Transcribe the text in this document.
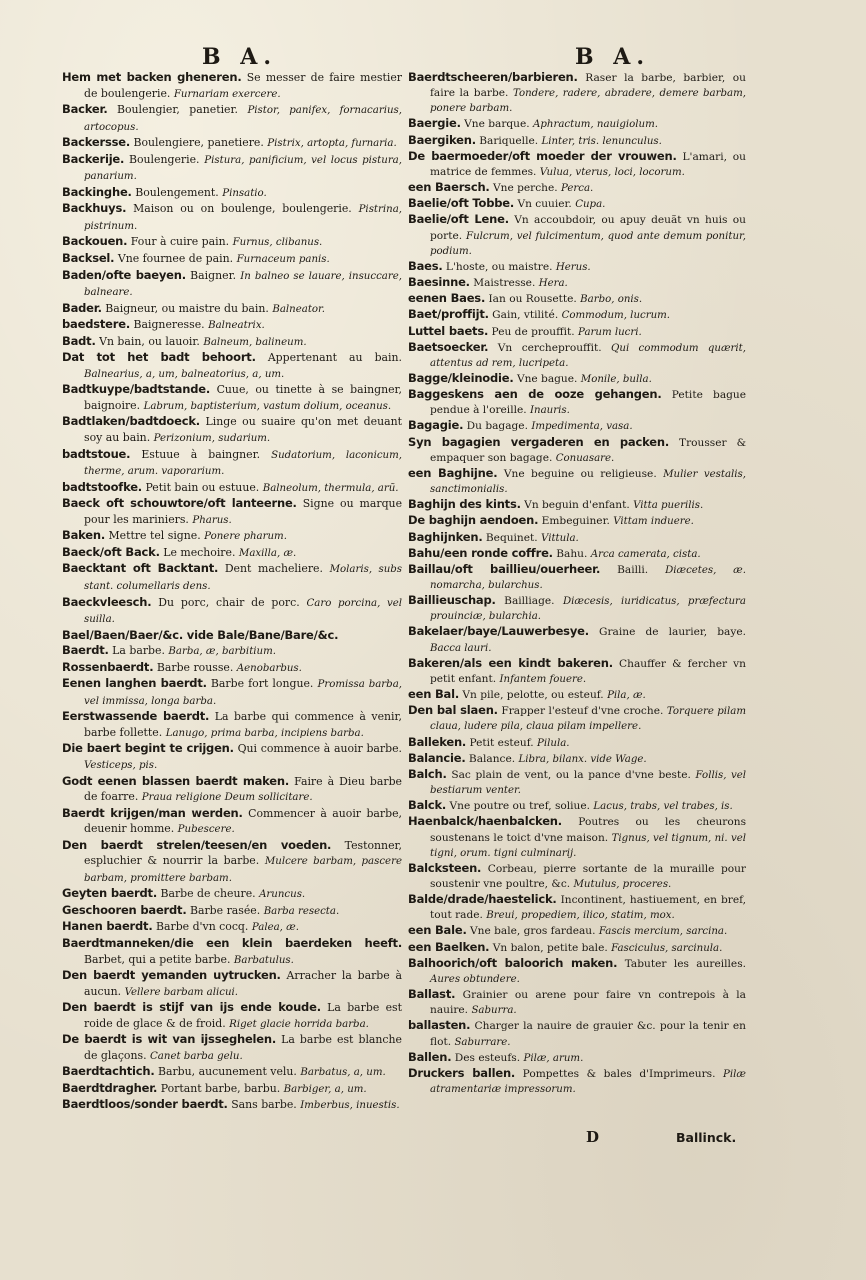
B A.	B A.

Hem met backen gheneren. Se messer de faire mestier de boulengerie. Furnariam exercere.

Backer. Boulengier, panetier. Pistor, panifex, fornacarius, artocopus.

Backersse. Boulengiere, panetiere. Pistrix, artopta, furnaria.

Backerije. Boulengerie. Pistura, panificium, vel locus pistura, panarium.

Backinghe. Boulengement. Pinsatio.

Backhuys. Maison ou on boulenge, boulengerie. Pistrina, pistrinum.

Backouen. Four à cuire pain. Furnus, clibanus.

Backsel. Vne fournee de pain. Furnaceum panis.

Baden/ofte baeyen. Baigner. In balneo se lauare, insuccare, balneare.

Bader. Baigneur, ou maistre du bain. Balneator.

baedstere. Baigneresse. Balneatrix.

Badt. Vn bain, ou lauoir. Balneum, balineum.

Dat tot het badt behoort. Appertenant au bain. Balnearius, a, um, balneatorius, a, um.

Badtkuype/badtstande. Cuue, ou tinette à se baingner, baignoire. Labrum, baptisterium, vastum dolium, oceanus.

Badtlaken/badtdoeck. Linge ou suaire qu'on met deuant soy au bain. Perizonium, sudarium.

badtstoue. Estuue à baingner. Sudatorium, laconicum, therme, arum. vaporarium.

badtstoofke. Petit bain ou estuue. Balneolum, thermula, arũ.

Baeck oft schouwtore/oft lanteerne. Signe ou marque pour les mariniers. Pharus.

Baken. Mettre tel signe. Ponere pharum.

Baeck/oft Back. Le mechoire. Maxilla, æ.

Baecktant oft Backtant. Dent macheliere. Molaris, subs stant. columellaris dens.

Baeckvleesch. Du porc, chair de porc. Caro porcina, vel suilla.

Bael/Baen/Baer/&c. vide Bale/Bane/Bare/&c.

Baerdt. La barbe. Barba, æ, barbitium.

Rossenbaerdt. Barbe rousse. Aenobarbus.

Eenen langhen baerdt. Barbe fort longue. Promissa barba, vel immissa, longa barba.

Eerstwassende baerdt. La barbe qui commence à venir, barbe follette. Lanugo, prima barba, incipiens barba.

Die baert begint te crijgen. Qui commence à auoir barbe. Vesticeps, pis.

Godt eenen blassen baerdt maken. Faire à Dieu barbe de foarre. Praua religione Deum sollicitare.

Baerdt krijgen/man werden. Commencer à auoir barbe, deuenir homme. Pubescere.

Den baerdt strelen/teesen/en voeden. Testonner, espluchier & nourrir la barbe. Mulcere barbam, pascere barbam, promittere barbam.

Geyten baerdt. Barbe de cheure. Aruncus.

Geschooren baerdt. Barbe rasée. Barba resecta.

Hanen baerdt. Barbe d'vn cocq. Palea, æ.

Baerdtmanneken/die een klein baerdeken heeft. Barbet, qui a petite barbe. Barbatulus.

Den baerdt yemanden uytrucken. Arracher la barbe à aucun. Vellere barbam alicui.

Den baerdt is stijf van ijs ende koude. La barbe est roide de glace & de froid. Riget glacie horrida barba.

De baerdt is wit van ijsseghelen. La barbe est blanche de glaçons. Canet barba gelu.

Baerdtachtich. Barbu, aucunement velu. Barbatus, a, um.

Baerdtdragher. Portant barbe, barbu. Barbiger, a, um.

Baerdtloos/sonder baerdt. Sans barbe. Imberbus, inuestis.

Baerdtscheeren/barbieren. Raser la barbe, barbier, ou faire la barbe. Tondere, radere, abradere, demere barbam, ponere barbam.

Baergie. Vne barque. Aphractum, nauigiolum.

Baergiken. Bariquelle. Linter, tris. lenunculus.

De baermoeder/oft moeder der vrouwen. L'amari, ou matrice de femmes. Vulua, vterus, loci, locorum.

een Baersch. Vne perche. Perca.

Baelie/oft Tobbe. Vn cuuier. Cupa.

Baelie/oft Lene. Vn accoubdoir, ou apuy deuãt vn huis ou porte. Fulcrum, vel fulcimentum, quod ante demum ponitur, podium.

Baes. L'hoste, ou maistre. Herus.

Baesinne. Maistresse. Hera.

eenen Baes. Ian ou Rousette. Barbo, onis.

Baet/proffijt. Gain, vtilité. Commodum, lucrum.

Luttel baets. Peu de prouffit. Parum lucri.

Baetsoecker. Vn cercheprouffit. Qui commodum quærit, attentus ad rem, lucripeta.

Bagge/kleinodie. Vne bague. Monile, bulla.

Baggeskens aen de ooze gehangen. Petite bague pendue à l'oreille. Inauris.

Bagagie. Du bagage. Impedimenta, vasa.

Syn bagagien vergaderen en packen. Trousser & empaquer son bagage. Conuasare.

een Baghijne. Vne beguine ou religieuse. Mulier vestalis, sanctimonialis.

Baghijn des kints. Vn beguin d'enfant. Vitta puerilis.

De baghijn aendoen. Embeguiner. Vittam induere.

Baghijnken. Bequinet. Vittula.

Bahu/een ronde coffre. Bahu. Arca camerata, cista.

Baillau/oft baillieu/ouerheer. Bailli. Diæcetes, æ. nomarcha, bularchus.

Baillieuschap. Bailliage. Diæcesis, iuridicatus, præfectura prouinciæ, bularchia.

Bakelaer/baye/Lauwerbesye. Graine de laurier, baye. Bacca lauri.

Bakeren/als een kindt bakeren. Chauffer & fercher vn petit enfant. Infantem fouere.

een Bal. Vn pile, pelotte, ou esteuf. Pila, æ.

Den bal slaen. Frapper l'esteuf d'vne croche. Torquere pilam claua, ludere pila, claua pilam impellere.

Balleken. Petit esteuf. Pilula.

Balancie. Balance. Libra, bilanx. vide Wage.

Balch. Sac plain de vent, ou la pance d'vne beste. Follis, vel bestiarum venter.

Balck. Vne poutre ou tref, soliue. Lacus, trabs, vel trabes, is.

Haenbalck/haenbalcken. Poutres ou les cheurons soustenans le toict d'vne maison. Tignus, vel tignum, ni. vel tigni, orum. tigni culminarij.

Balcksteen. Corbeau, pierre sortante de la muraille pour soustenir vne poultre, &c. Mutulus, proceres.

Balde/drade/haestelick. Incontinent, hastiuement, en bref, tout rade. Breui, propediem, ilico, statim, mox.

een Bale. Vne bale, gros fardeau. Fascis mercium, sarcina.

een Baelken. Vn balon, petite bale. Fasciculus, sarcinula.

Balhoorich/oft baloorich maken. Tabuter les aureilles. Aures obtundere.

Ballast. Grainier ou arene pour faire vn contrepois à la nauire. Saburra.

ballasten. Charger la nauire de grauier &c. pour la tenir en flot. Saburrare.

Ballen. Des esteufs. Pilæ, arum.

Druckers ballen. Pompettes & bales d'Imprimeurs. Pilæ atramentariæ impressorum.

D	Ballinck.
